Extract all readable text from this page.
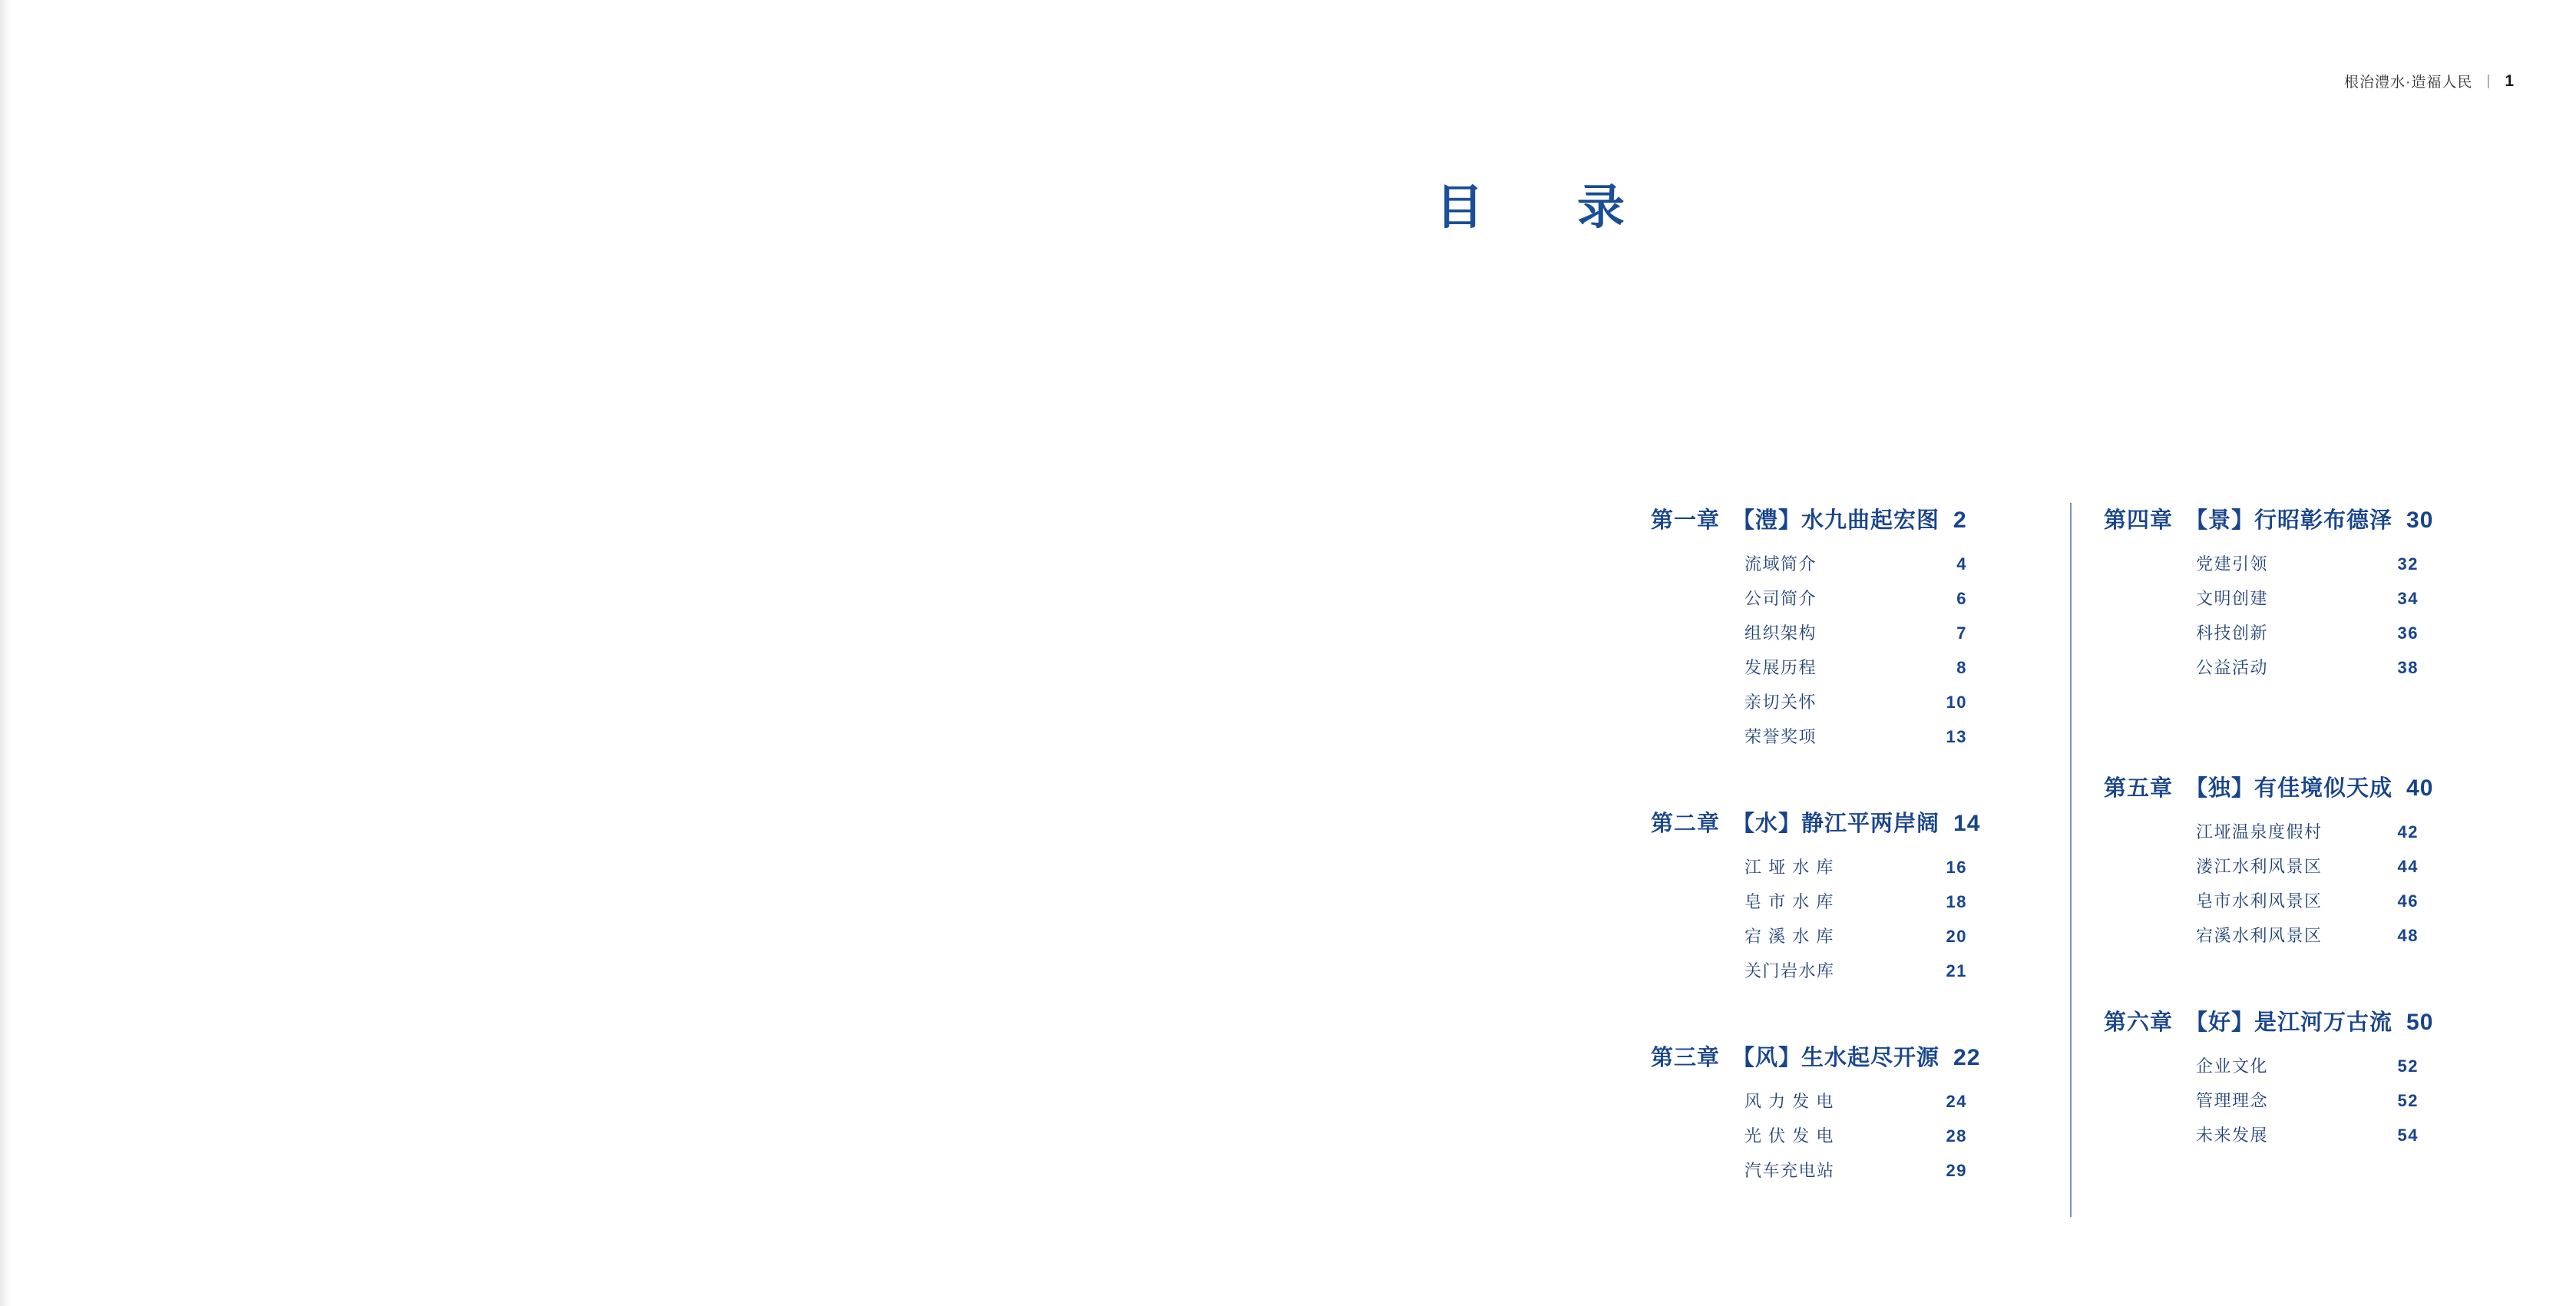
根治澧水·造福人民 | 1
目　录
第一章 【澧】水九曲起宏图 2
流域简介	4
公司简介	6
组织架构	7
发展历程	8
亲切关怀	10
荣誉奖项	13
第二章 【水】静江平两岸阔 14
江 垭 水 库	16
皂 市 水 库	18
宕 溪 水 库	20
关门岩水库	21
第三章 【风】生水起尽开源 22
风 力 发 电	24
光 伏 发 电	28
汽车充电站	29
第四章 【景】行昭彰布德泽 30
党建引领	32
文明创建	34
科技创新	36
公益活动	38
第五章 【独】有佳境似天成 40
江垭温泉度假村	42
溇江水利风景区	44
皂市水利风景区	46
宕溪水利风景区	48
第六章 【好】是江河万古流 50
企业文化	52
管理理念	52
未来发展	54
